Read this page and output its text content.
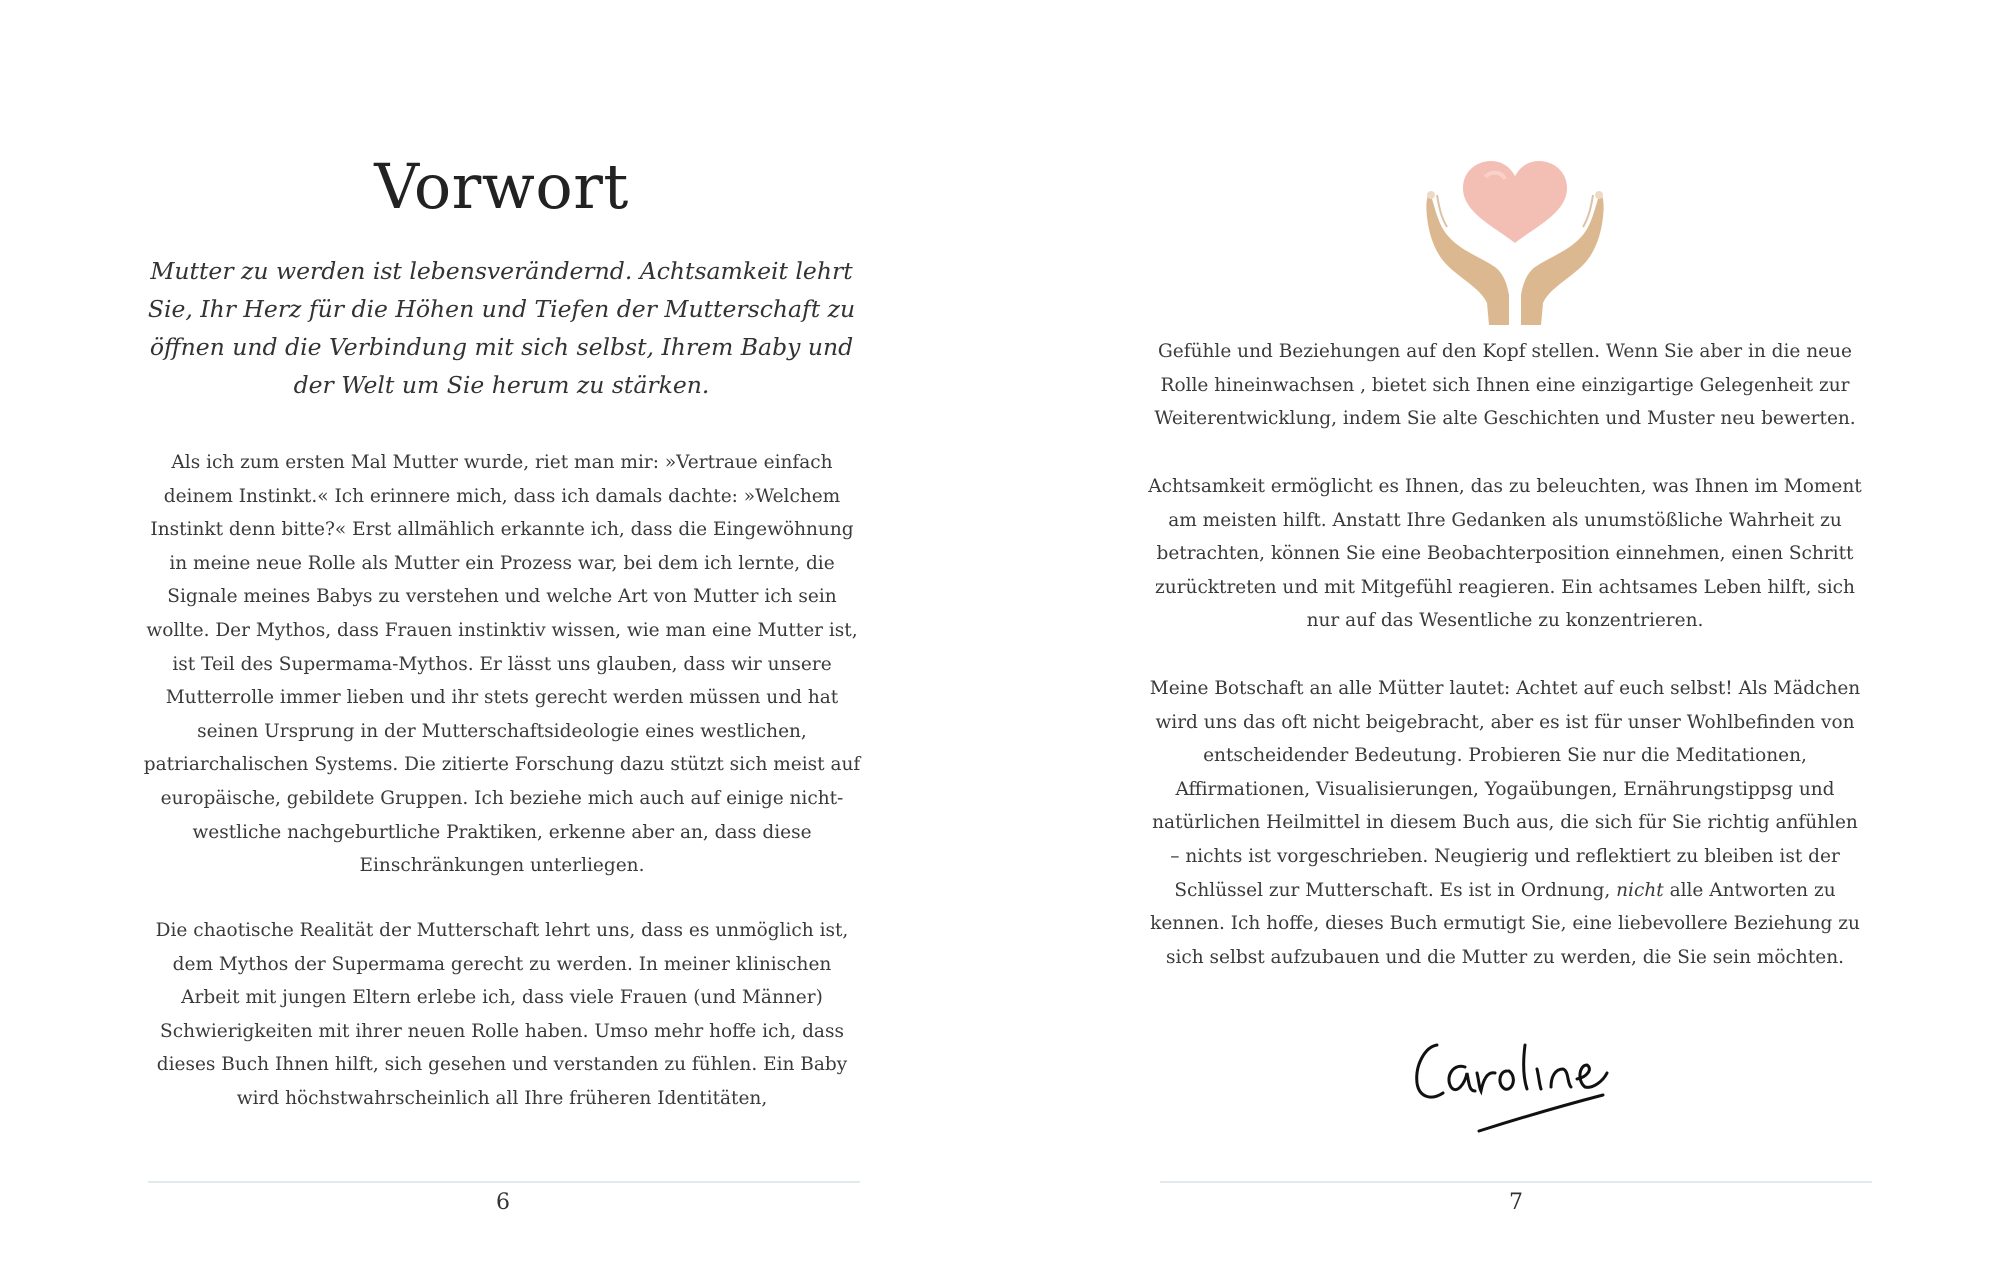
Vorwort

Mutter zu werden ist lebensverändernd. Achtsamkeit lehrt Sie, Ihr Herz für die Höhen und Tiefen der Mutterschaft zu öffnen und die Verbindung mit sich selbst, Ihrem Baby und der Welt um Sie herum zu stärken.

Als ich zum ersten Mal Mutter wurde, riet man mir: »Vertraue einfach deinem Instinkt.« Ich erinnere mich, dass ich damals dachte: »Welchem Instinkt denn bitte?« Erst allmählich erkannte ich, dass die Eingewöhnung in meine neue Rolle als Mutter ein Prozess war, bei dem ich lernte, die Signale meines Babys zu verstehen und welche Art von Mutter ich sein wollte. Der Mythos, dass Frauen instinktiv wissen, wie man eine Mutter ist, ist Teil des Supermama-Mythos. Er lässt uns glauben, dass wir unsere Mutterrolle immer lieben und ihr stets gerecht werden müssen und hat seinen Ursprung in der Mutterschaftsideologie eines westlichen, patriarchalischen Systems. Die zitierte Forschung dazu stützt sich meist auf europäische, gebildete Gruppen. Ich beziehe mich auch auf einige nicht-westliche nachgeburtliche Praktiken, erkenne aber an, dass diese Einschränkungen unterliegen.

Die chaotische Realität der Mutterschaft lehrt uns, dass es unmöglich ist, dem Mythos der Supermama gerecht zu werden. In meiner klinischen Arbeit mit jungen Eltern erlebe ich, dass viele Frauen (und Männer) Schwierigkeiten mit ihrer neuen Rolle haben. Umso mehr hoffe ich, dass dieses Buch Ihnen hilft, sich gesehen und verstanden zu fühlen. Ein Baby wird höchstwahrscheinlich all Ihre früheren Identitäten,

6

Gefühle und Beziehungen auf den Kopf stellen. Wenn Sie aber in die neue Rolle hineinwachsen , bietet sich Ihnen eine einzigartige Gelegenheit zur Weiterentwicklung, indem Sie alte Geschichten und Muster neu bewerten.

Achtsamkeit ermöglicht es Ihnen, das zu beleuchten, was Ihnen im Moment am meisten hilft. Anstatt Ihre Gedanken als unumstößliche Wahrheit zu betrachten, können Sie eine Beobachterposition einnehmen, einen Schritt zurücktreten und mit Mitgefühl reagieren. Ein achtsames Leben hilft, sich nur auf das Wesentliche zu konzentrieren.

Meine Botschaft an alle Mütter lautet: Achtet auf euch selbst! Als Mädchen wird uns das oft nicht beigebracht, aber es ist für unser Wohlbefinden von entscheidender Bedeutung. Probieren Sie nur die Meditationen, Affirmationen, Visualisierungen, Yogaübungen, Ernährungstippsg und natürlichen Heilmittel in diesem Buch aus, die sich für Sie richtig anfühlen – nichts ist vorgeschrieben. Neugierig und reflektiert zu bleiben ist der Schlüssel zur Mutterschaft. Es ist in Ordnung, nicht alle Antworten zu kennen. Ich hoffe, dieses Buch ermutigt Sie, eine liebevollere Beziehung zu sich selbst aufzubauen und die Mutter zu werden, die Sie sein möchten.

7
